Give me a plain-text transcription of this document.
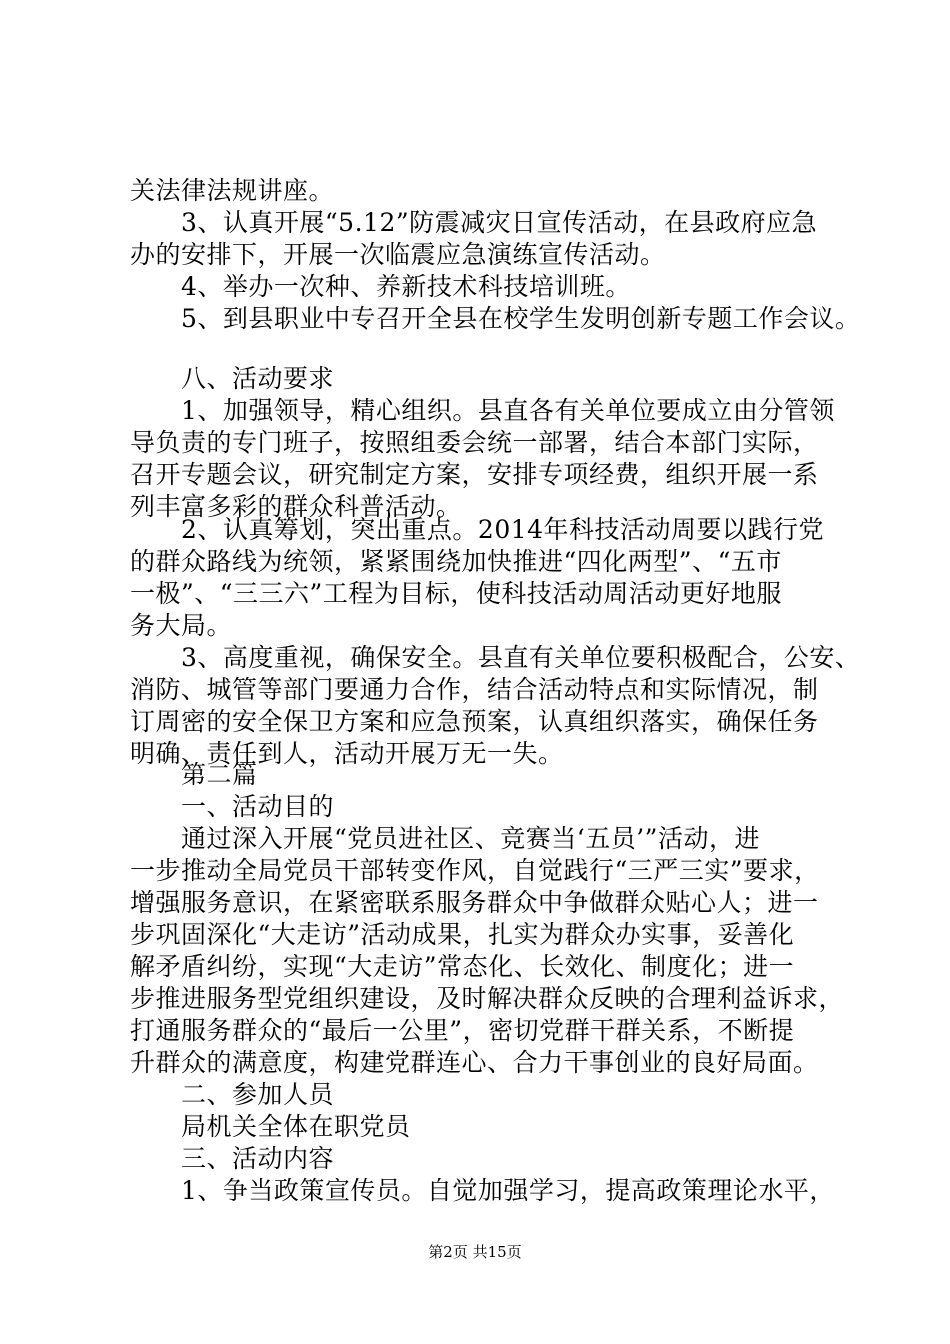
关法律法规讲座。
　　3、认真开展“5.12”防震减灾日宣传活动，在县政府应急
办的安排下，开展一次临震应急演练宣传活动。
　　4、举办一次种、养新技术科技培训班。
　　5、到县职业中专召开全县在校学生发明创新专题工作会议。
　　八、活动要求
　　1、加强领导，精心组织。县直各有关单位要成立由分管领
导负责的专门班子，按照组委会统一部署，结合本部门实际，
召开专题会议，研究制定方案，安排专项经费，组织开展一系
列丰富多彩的群众科普活动。
　　2、认真筹划，突出重点。2014年科技活动周要以践行党
的群众路线为统领，紧紧围绕加快推进“四化两型”、“五市
一极”、“三三六”工程为目标，使科技活动周活动更好地服
务大局。
　　3、高度重视，确保安全。县直有关单位要积极配合，公安、
消防、城管等部门要通力合作，结合活动特点和实际情况，制
订周密的安全保卫方案和应急预案，认真组织落实，确保任务
明确、责任到人，活动开展万无一失。
　　第二篇
　　一、活动目的
　　通过深入开展“党员进社区、竞赛当‘五员’”活动，进
一步推动全局党员干部转变作风，自觉践行“三严三实”要求，
增强服务意识，在紧密联系服务群众中争做群众贴心人；进一
步巩固深化“大走访”活动成果，扎实为群众办实事，妥善化
解矛盾纠纷，实现“大走访”常态化、长效化、制度化；进一
步推进服务型党组织建设，及时解决群众反映的合理利益诉求，
打通服务群众的“最后一公里”，密切党群干群关系，不断提
升群众的满意度，构建党群连心、合力干事创业的良好局面。
　　二、参加人员
　　局机关全体在职党员
　　三、活动内容
　　1、争当政策宣传员。自觉加强学习，提高政策理论水平，
第2页 共15页
